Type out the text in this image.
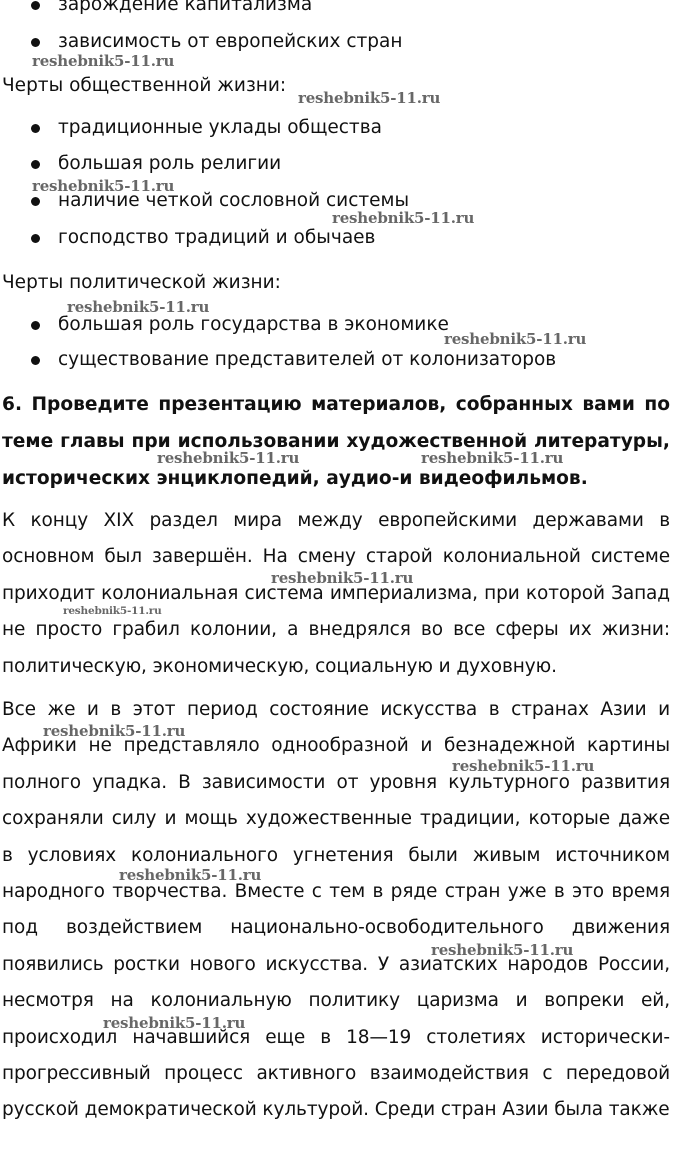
зарождение капитализма
зависимость от европейских стран
Черты общественной жизни:
традиционные уклады общества
большая роль религии
наличие четкой сословной системы
господство традиций и обычаев
Черты политической жизни:
большая роль государства в экономике
существование представителей от колонизаторов
6. Проведите презентацию материалов, собранных вами по
теме главы при использовании художественной литературы,
исторических энциклопедий, аудио-и видеофильмов.

К концу XIX раздел мира между европейскими державами в основном был завершён. На смену старой колониальной системе приходит колониальная система империализма, при которой Запад не просто грабил колонии, а внедрялся во все сферы их жизни: политическую, экономическую, социальную и духовную.

Все же и в этот период состояние искусства в странах Азии и Африки не представляло однообразной и безнадежной картины полного упадка. В зависимости от уровня культурного развития сохраняли силу и мощь художественные традиции, которые даже в условиях колониального угнетения были живым источником народного творчества. Вместе с тем в ряде стран уже в это время под воздействием национально-освободительного движения появились ростки нового искусства. У азиатских народов России, несмотря на колониальную политику царизма и вопреки ей, происходил начавшийся еще в 18—19 столетиях исторически-прогрессивный процесс активного взаимодействия с передовой русской демократической культурой. Среди стран Азии была также

reshebnik5-11.ru
reshebnik5-11.ru
reshebnik5-11.ru
reshebnik5-11.ru
reshebnik5-11.ru
reshebnik5-11.ru
reshebnik5-11.ru	reshebnik5-11.ru
reshebnik5-11.ru
reshebnik5-11.ru
reshebnik5-11.ru
reshebnik5-11.ru
reshebnik5-11.ru
reshebnik5-11.ru
reshebnik5-11.ru
